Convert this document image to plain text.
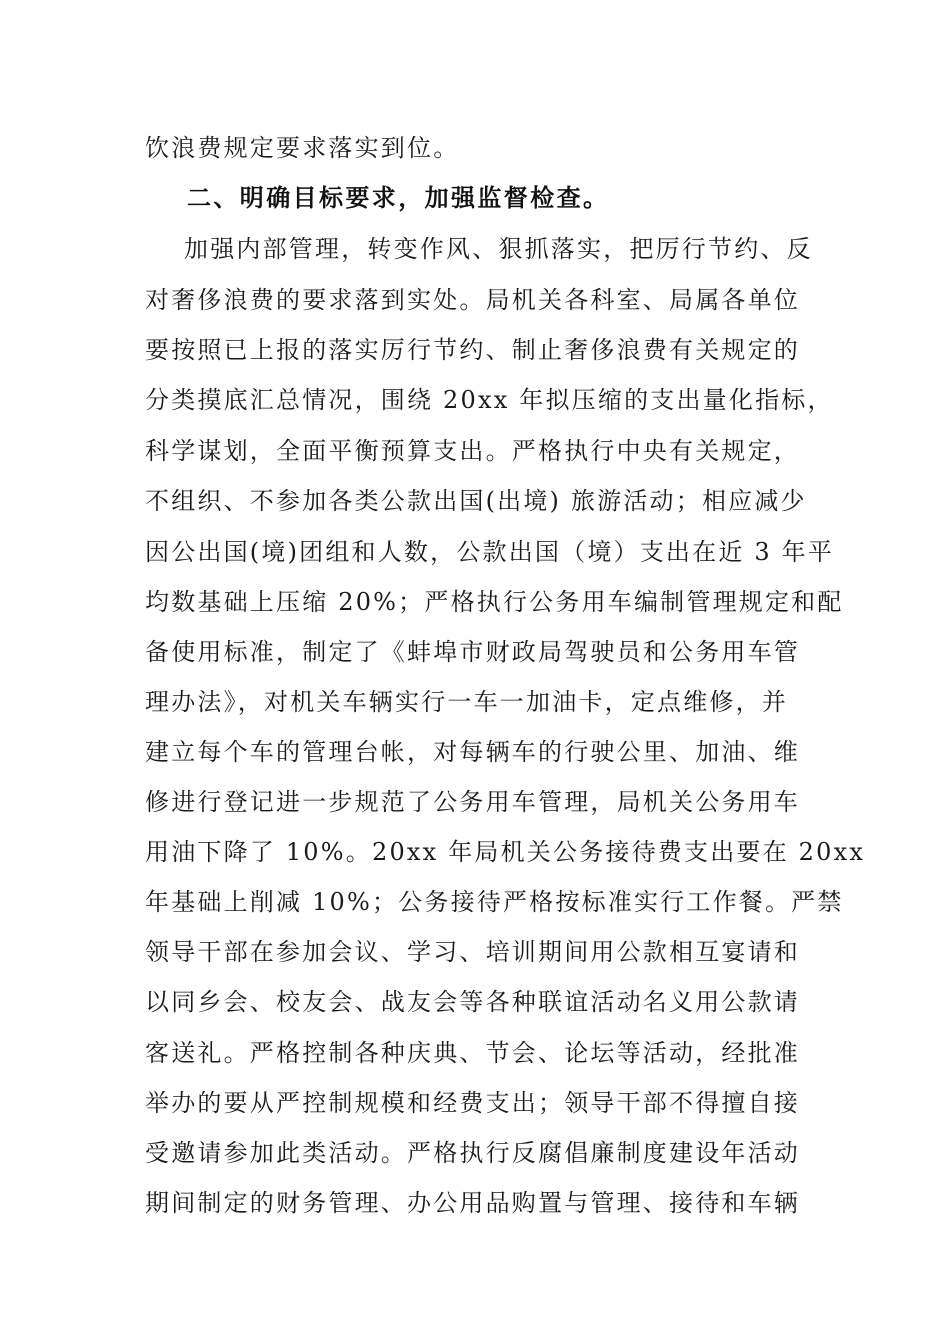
饮浪费规定要求落实到位。
二、明确目标要求，加强监督检查。
加强内部管理，转变作风、狠抓落实，把厉行节约、反
对奢侈浪费的要求落到实处。局机关各科室、局属各单位
要按照已上报的落实厉行节约、制止奢侈浪费有关规定的
分类摸底汇总情况，围绕 20xx 年拟压缩的支出量化指标，
科学谋划，全面平衡预算支出。严格执行中央有关规定，
不组织、不参加各类公款出国(出境) 旅游活动；相应减少
因公出国(境)团组和人数，公款出国（境）支出在近 3 年平
均数基础上压缩 20%；严格执行公务用车编制管理规定和配
备使用标准，制定了《蚌埠市财政局驾驶员和公务用车管
理办法》，对机关车辆实行一车一加油卡，定点维修，并
建立每个车的管理台帐，对每辆车的行驶公里、加油、维
修进行登记进一步规范了公务用车管理，局机关公务用车
用油下降了 10%。20xx 年局机关公务接待费支出要在 20xx
年基础上削减 10%；公务接待严格按标准实行工作餐。严禁
领导干部在参加会议、学习、培训期间用公款相互宴请和
以同乡会、校友会、战友会等各种联谊活动名义用公款请
客送礼。严格控制各种庆典、节会、论坛等活动，经批准
举办的要从严控制规模和经费支出；领导干部不得擅自接
受邀请参加此类活动。严格执行反腐倡廉制度建设年活动
期间制定的财务管理、办公用品购置与管理、接待和车辆
